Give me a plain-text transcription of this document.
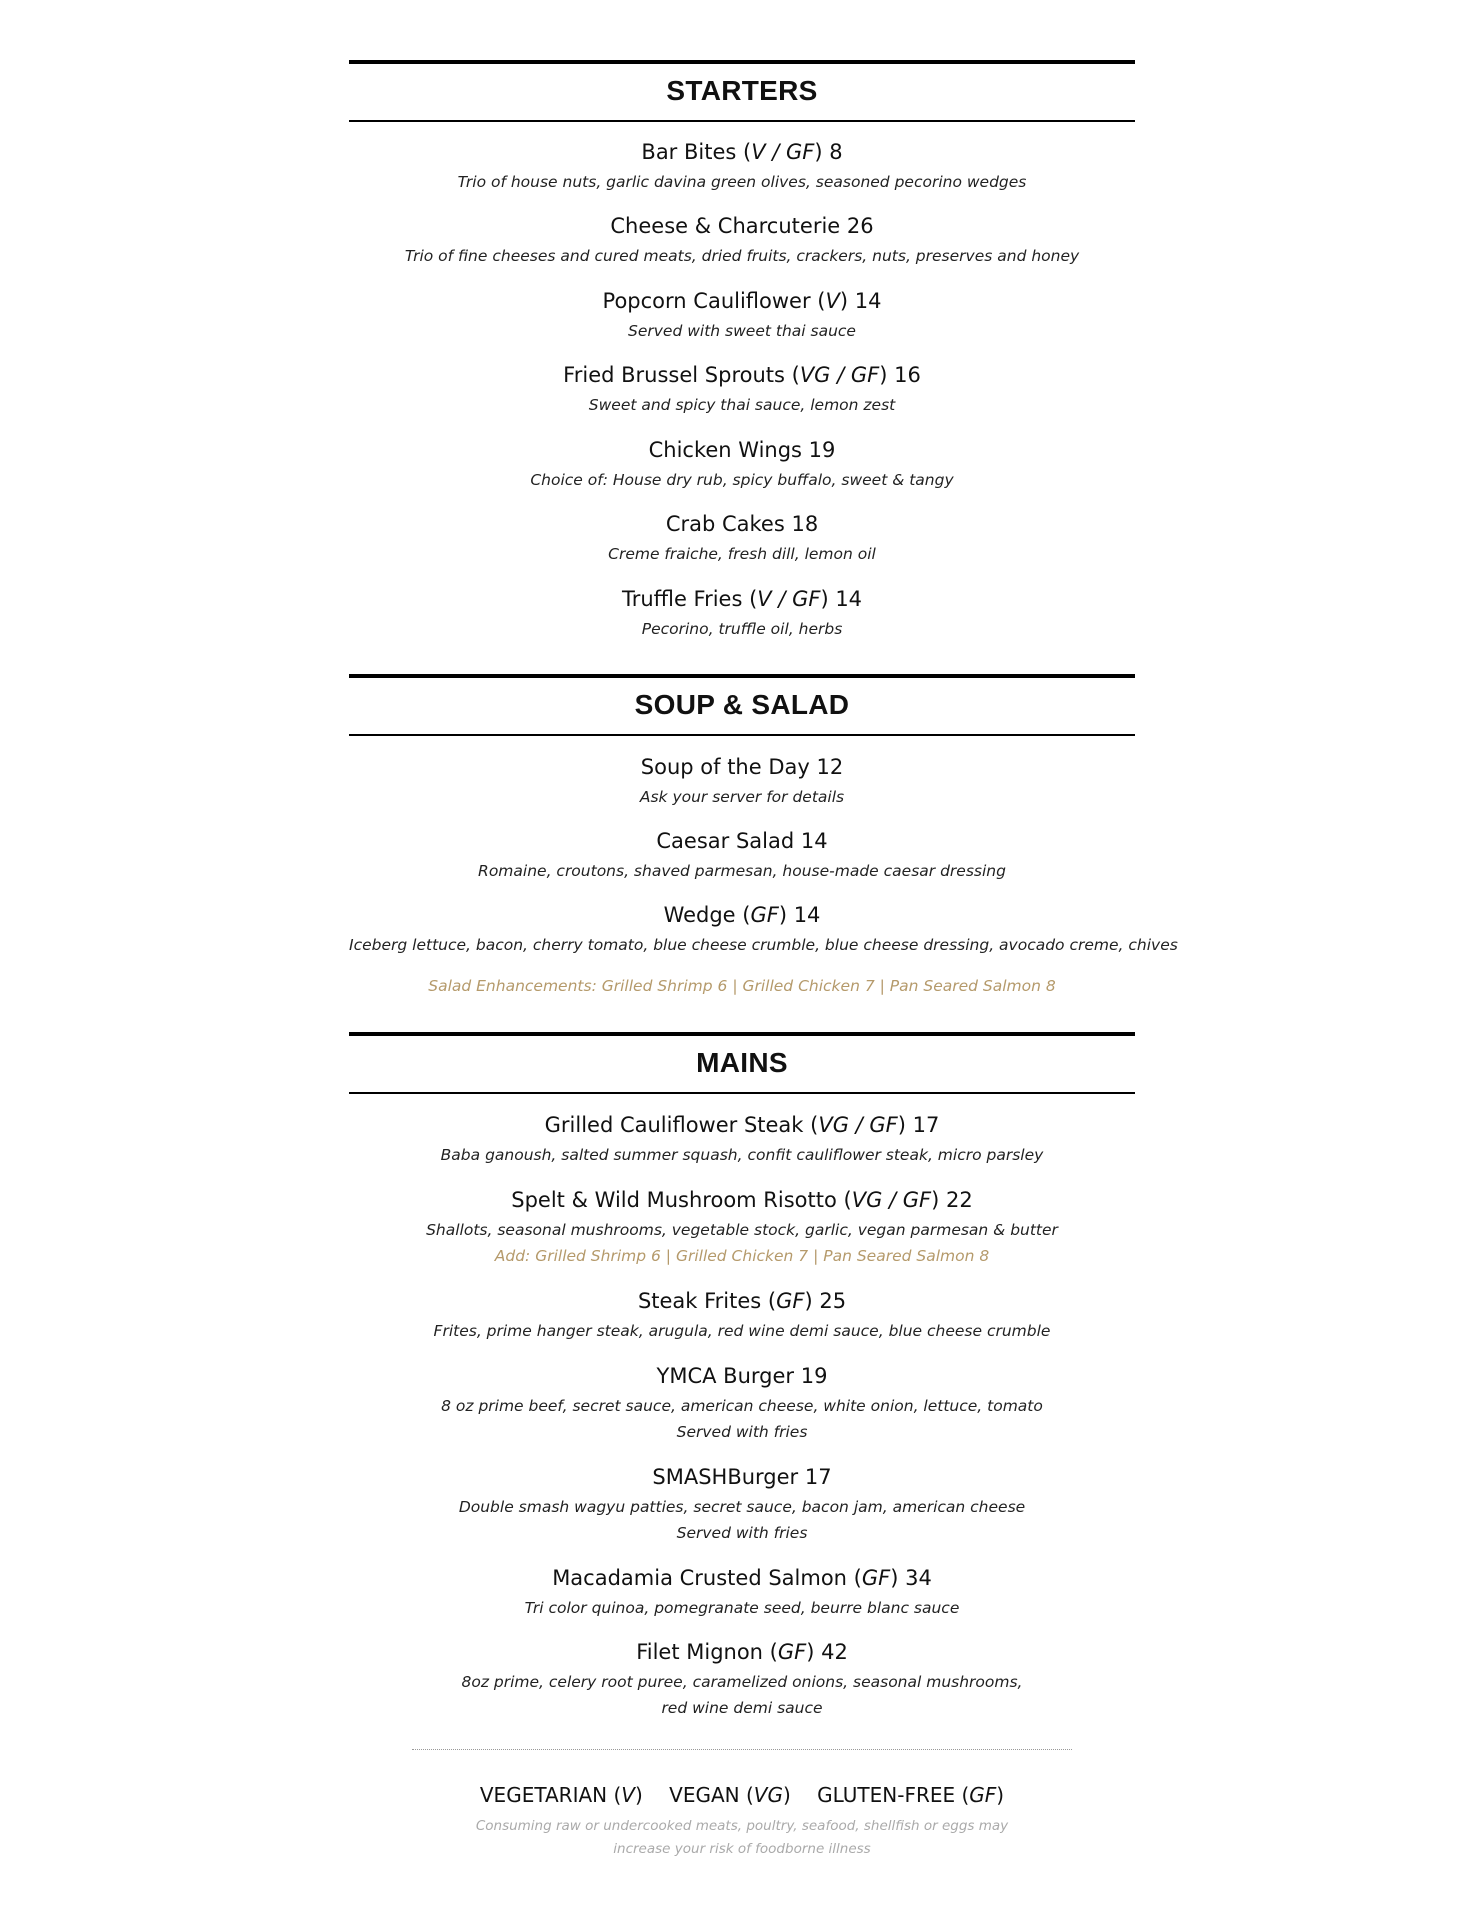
STARTERS
SOUP & SALAD
MAINS
Bar Bites (V / GF) 8
Trio of house nuts, garlic davina green olives, seasoned pecorino wedges
Cheese & Charcuterie 26
Trio of fine cheeses and cured meats, dried fruits, crackers, nuts, preserves and honey
Popcorn Cauliflower (V) 14
Served with sweet thai sauce
Fried Brussel Sprouts (VG / GF) 16
Sweet and spicy thai sauce, lemon zest
Chicken Wings 19
Choice of: House dry rub, spicy buffalo, sweet & tangy
Crab Cakes 18
Creme fraiche, fresh dill, lemon oil
Truffle Fries (V / GF) 14
Pecorino, truffle oil, herbs
Soup of the Day 12
Ask your server for details
Caesar Salad 14
Romaine, croutons, shaved parmesan, house-made caesar dressing
Wedge (GF) 14
Iceberg lettuce, bacon, cherry tomato, blue cheese crumble, blue cheese dressing, avocado creme, chives
Salad Enhancements: Grilled Shrimp 6 | Grilled Chicken 7 | Pan Seared Salmon 8
Grilled Cauliflower Steak (VG / GF) 17
Baba ganoush, salted summer squash, confit cauliflower steak, micro parsley
Spelt & Wild Mushroom Risotto (VG / GF) 22
Shallots, seasonal mushrooms, vegetable stock, garlic, vegan parmesan & butter
Add: Grilled Shrimp 6 | Grilled Chicken 7 | Pan Seared Salmon 8
Steak Frites (GF) 25
Frites, prime hanger steak, arugula, red wine demi sauce, blue cheese crumble
YMCA Burger 19
8 oz prime beef, secret sauce, american cheese, white onion, lettuce, tomato
Served with fries
SMASHBurger 17
Double smash wagyu patties, secret sauce, bacon jam, american cheese
Served with fries
Macadamia Crusted Salmon (GF) 34
Tri color quinoa, pomegranate seed, beurre blanc sauce
Filet Mignon (GF) 42
8oz prime, celery root puree, caramelized onions, seasonal mushrooms,
red wine demi sauce
VEGETARIAN (V) VEGAN (VG) GLUTEN-FREE (GF)
Consuming raw or undercooked meats, poultry, seafood, shellfish or eggs may
increase your risk of foodborne illness
